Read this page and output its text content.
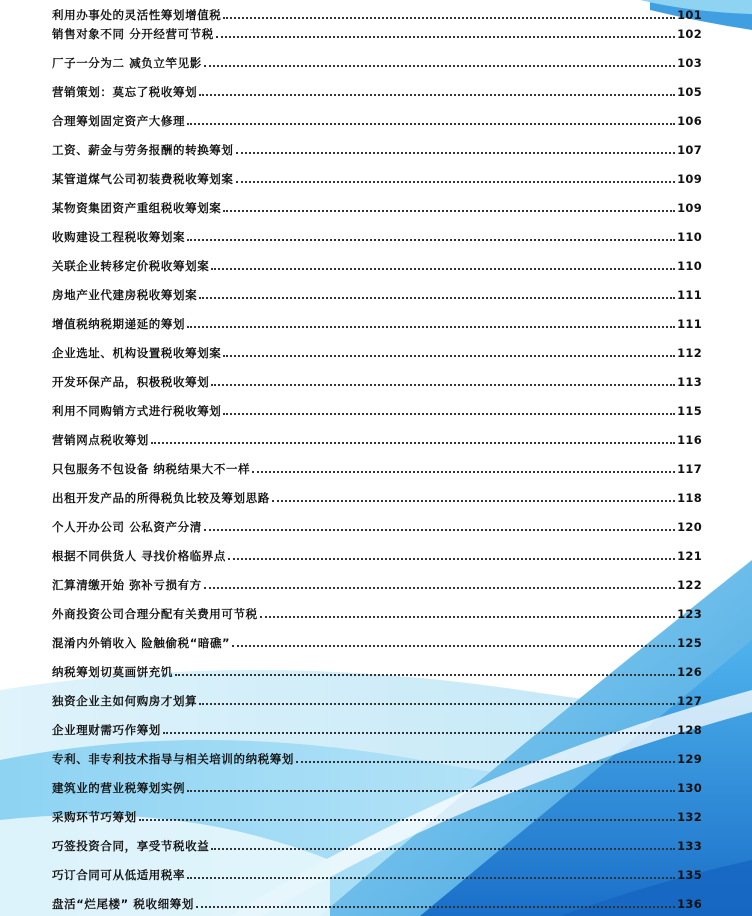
利用办事处的灵活性筹划增值税	101
销售对象不同 分开经营可节税	102
厂子一分为二 减负立竿见影	103
营销策划：莫忘了税收筹划	105
合理筹划固定资产大修理	106
工资、薪金与劳务报酬的转换筹划	107
某管道煤气公司初装费税收筹划案	109
某物资集团资产重组税收筹划案	109
收购建设工程税收筹划案	110
关联企业转移定价税收筹划案	110
房地产业代建房税收筹划案	111
增值税纳税期递延的筹划	111
企业选址、机构设置税收筹划案	112
开发环保产品，积极税收筹划	113
利用不同购销方式进行税收筹划	115
营销网点税收筹划	116
只包服务不包设备 纳税结果大不一样	117
出租开发产品的所得税负比较及筹划思路	118
个人开办公司 公私资产分清	120
根据不同供货人 寻找价格临界点	121
汇算清缴开始 弥补亏损有方	122
外商投资公司合理分配有关费用可节税	123
混淆内外销收入 险触偷税“暗礁”	125
纳税筹划切莫画饼充饥	126
独资企业主如何购房才划算	127
企业理财需巧作筹划	128
专利、非专利技术指导与相关培训的纳税筹划	129
建筑业的营业税筹划实例	130
采购环节巧筹划	132
巧签投资合同，享受节税收益	133
巧订合同可从低适用税率	135
盘活“烂尾楼” 税收细筹划	136
